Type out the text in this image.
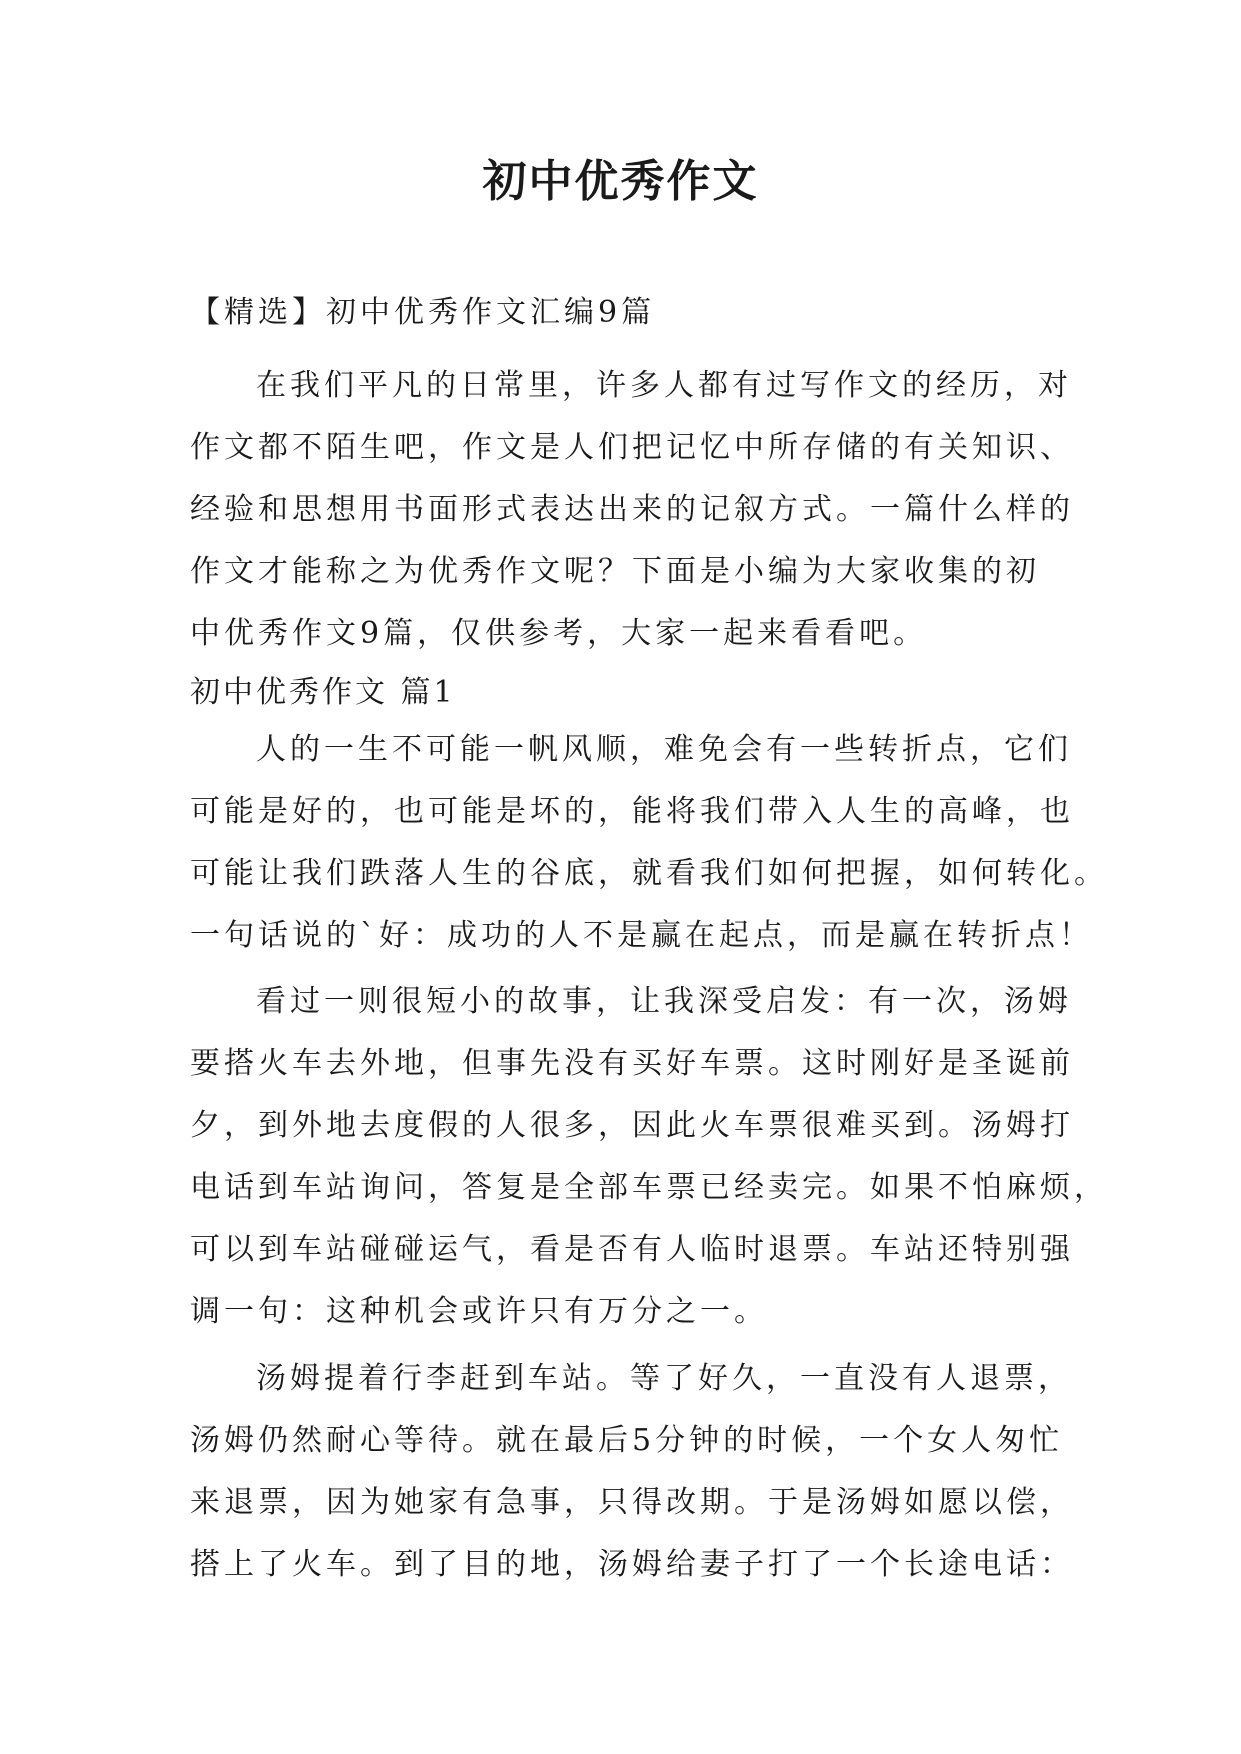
初中优秀作文

【精选】初中优秀作文汇编9篇

在我们平凡的日常里，许多人都有过写作文的经历，对
作文都不陌生吧，作文是人们把记忆中所存储的有关知识、
经验和思想用书面形式表达出来的记叙方式。一篇什么样的
作文才能称之为优秀作文呢？下面是小编为大家收集的初
中优秀作文9篇，仅供参考，大家一起来看看吧。

初中优秀作文 篇1

人的一生不可能一帆风顺，难免会有一些转折点，它们
可能是好的，也可能是坏的，能将我们带入人生的高峰，也
可能让我们跌落人生的谷底，就看我们如何把握，如何转化。
一句话说的`好：成功的人不是赢在起点，而是赢在转折点！
看过一则很短小的故事，让我深受启发：有一次，汤姆
要搭火车去外地，但事先没有买好车票。这时刚好是圣诞前
夕，到外地去度假的人很多，因此火车票很难买到。汤姆打
电话到车站询问，答复是全部车票已经卖完。如果不怕麻烦，
可以到车站碰碰运气，看是否有人临时退票。车站还特别强
调一句：这种机会或许只有万分之一。
汤姆提着行李赶到车站。等了好久，一直没有人退票，
汤姆仍然耐心等待。就在最后5分钟的时候，一个女人匆忙
来退票，因为她家有急事，只得改期。于是汤姆如愿以偿，
搭上了火车。到了目的地，汤姆给妻子打了一个长途电话：
